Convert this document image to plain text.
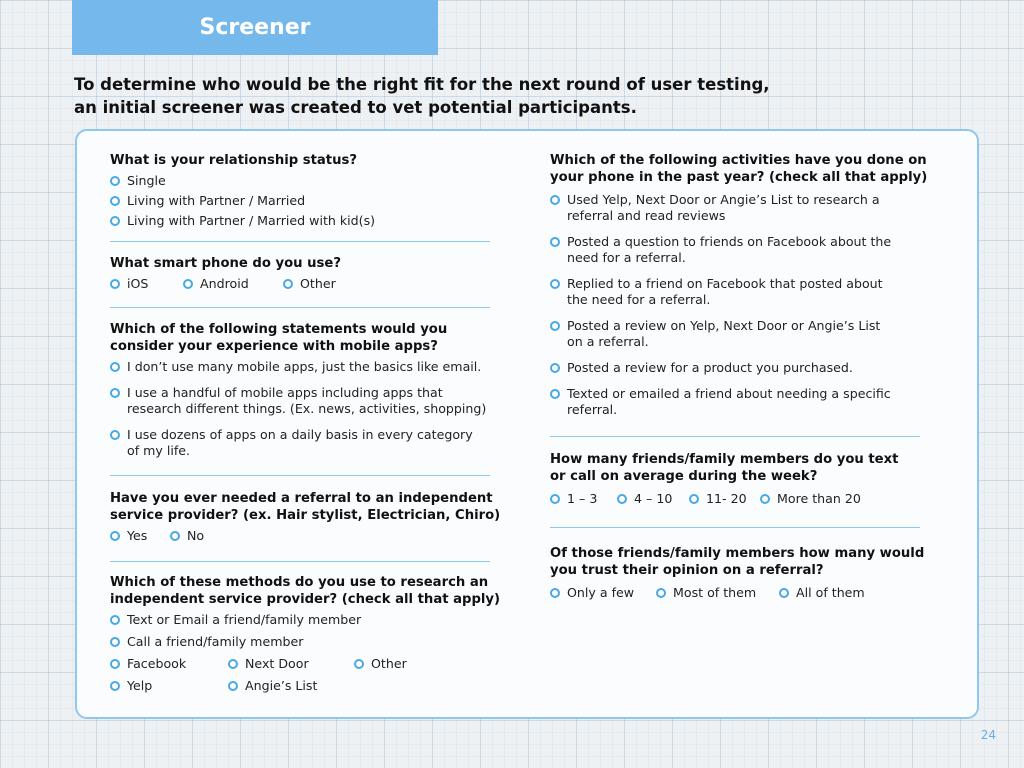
Screener
To determine who would be the right fit for the next round of user testing,
an initial screener was created to vet potential participants.
What is your relationship status?
Single
Living with Partner / Married
Living with Partner / Married with kid(s)
What smart phone do you use?
iOS	Android	Other
Which of the following statements would you
consider your experience with mobile apps?
I don’t use many mobile apps, just the basics like email.
I use a handful of mobile apps including apps that
research different things. (Ex. news, activities, shopping)
I use dozens of apps on a daily basis in every category
of my life.
Have you ever needed a referral to an independent
service provider? (ex. Hair stylist, Electrician, Chiro)
Yes	No
Which of these methods do you use to research an
independent service provider? (check all that apply)
Text or Email a friend/family member
Call a friend/family member
Facebook	Next Door	Other
Yelp	Angie’s List
Which of the following activities have you done on
your phone in the past year? (check all that apply)
Used Yelp, Next Door or Angie’s List to research a
referral and read reviews
Posted a question to friends on Facebook about the
need for a referral.
Replied to a friend on Facebook that posted about
the need for a referral.
Posted a review on Yelp, Next Door or Angie’s List
on a referral.
Posted a review for a product you purchased.
Texted or emailed a friend about needing a specific
referral.
How many friends/family members do you text
or call on average during the week?
1 – 3	4 – 10	11- 20	More than 20
Of those friends/family members how many would
you trust their opinion on a referral?
Only a few	Most of them	All of them
24
